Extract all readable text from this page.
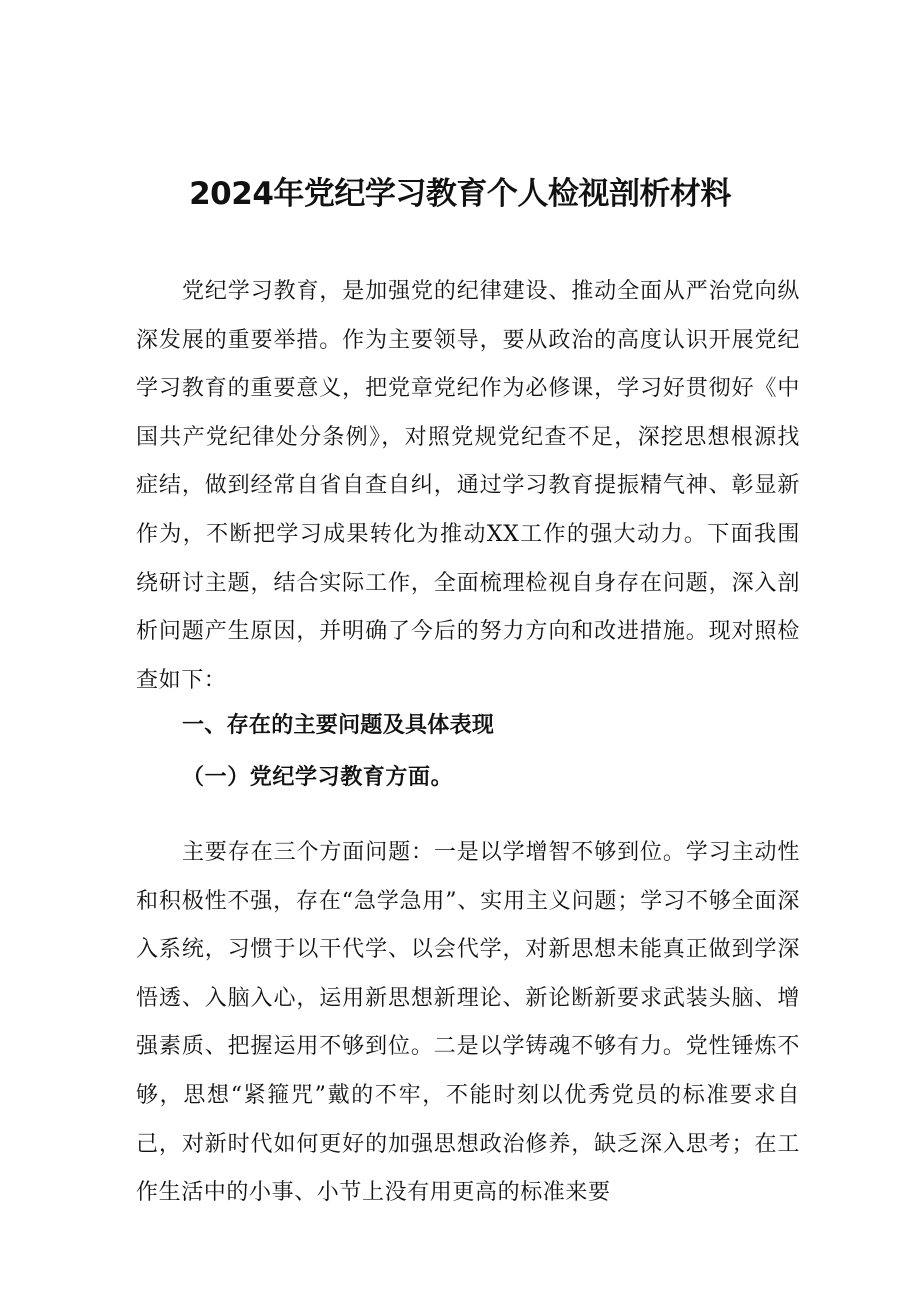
2024年党纪学习教育个人检视剖析材料

党纪学习教育，是加强党的纪律建设、推动全面从严治党向纵深发展的重要举措。作为主要领导，要从政治的高度认识开展党纪学习教育的重要意义，把党章党纪作为必修课，学习好贯彻好《中国共产党纪律处分条例》，对照党规党纪查不足，深挖思想根源找症结，做到经常自省自查自纠，通过学习教育提振精气神、彰显新作为，不断把学习成果转化为推动XX工作的强大动力。下面我围绕研讨主题，结合实际工作，全面梳理检视自身存在问题，深入剖析问题产生原因，并明确了今后的努力方向和改进措施。现对照检查如下：

一、存在的主要问题及具体表现
（一）党纪学习教育方面。

主要存在三个方面问题：一是以学增智不够到位。学习主动性和积极性不强，存在“急学急用”、实用主义问题；学习不够全面深入系统，习惯于以干代学、以会代学，对新思想未能真正做到学深悟透、入脑入心，运用新思想新理论、新论断新要求武装头脑、增强素质、把握运用不够到位。二是以学铸魂不够有力。党性锤炼不够，思想“紧箍咒”戴的不牢，不能时刻以优秀党员的标准要求自己，对新时代如何更好的加强思想政治修养，缺乏深入思考；在工作生活中的小事、小节上没有用更高的标准来要
